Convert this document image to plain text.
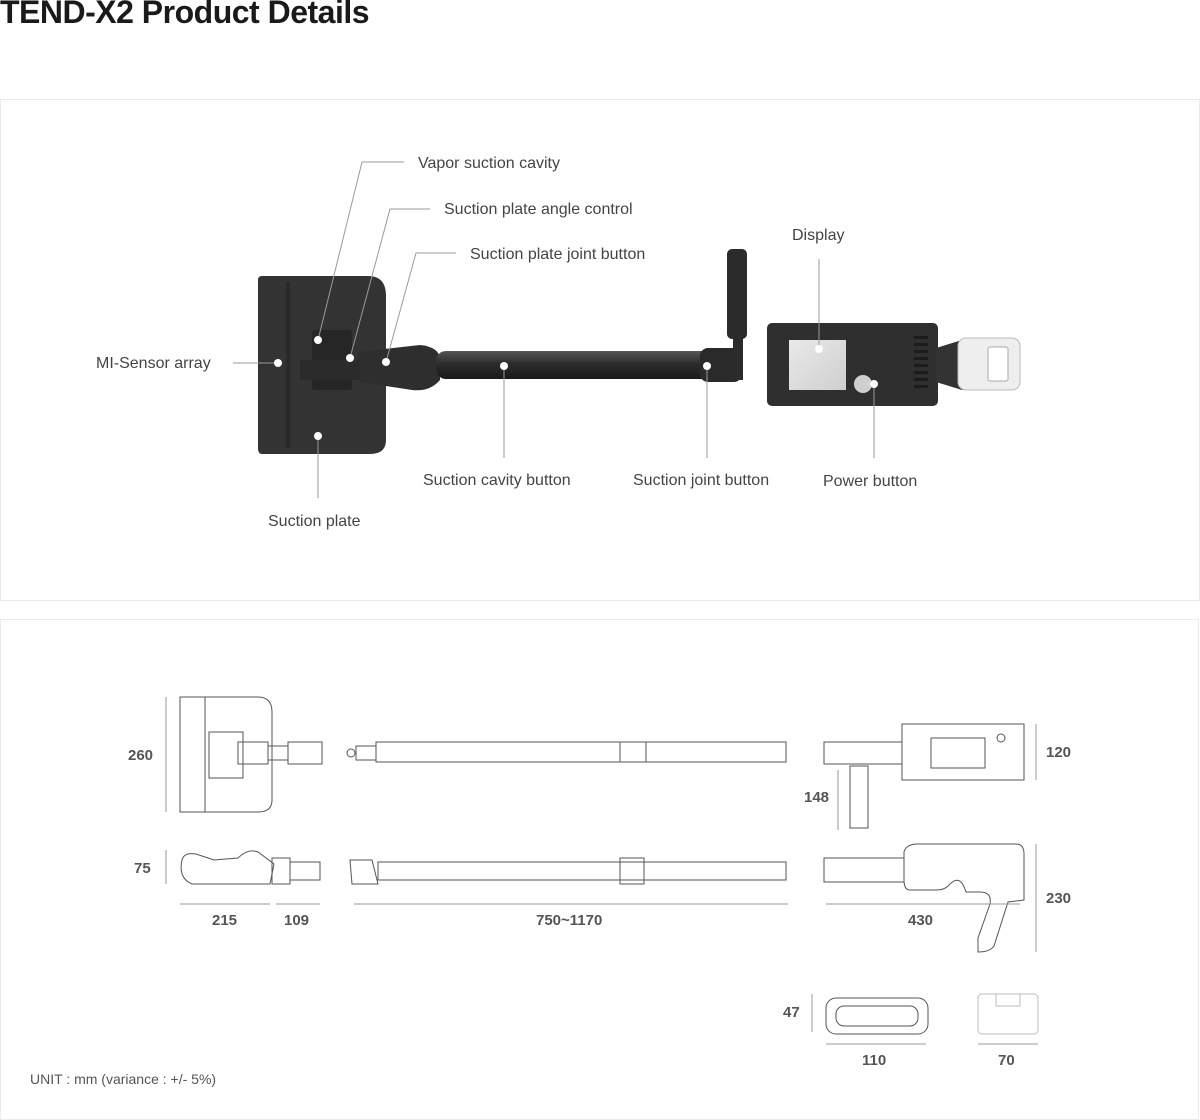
TEND-X2 Product Details
Vapor suction cavity
Suction plate angle control
Suction plate joint button
Display
MI-Sensor array
Suction cavity button	Suction joint button	Power button
Suction plate
260
75
215	109	750~1170
120
148
230
430
47
110	70
UNIT : mm (variance : +/- 5%)
